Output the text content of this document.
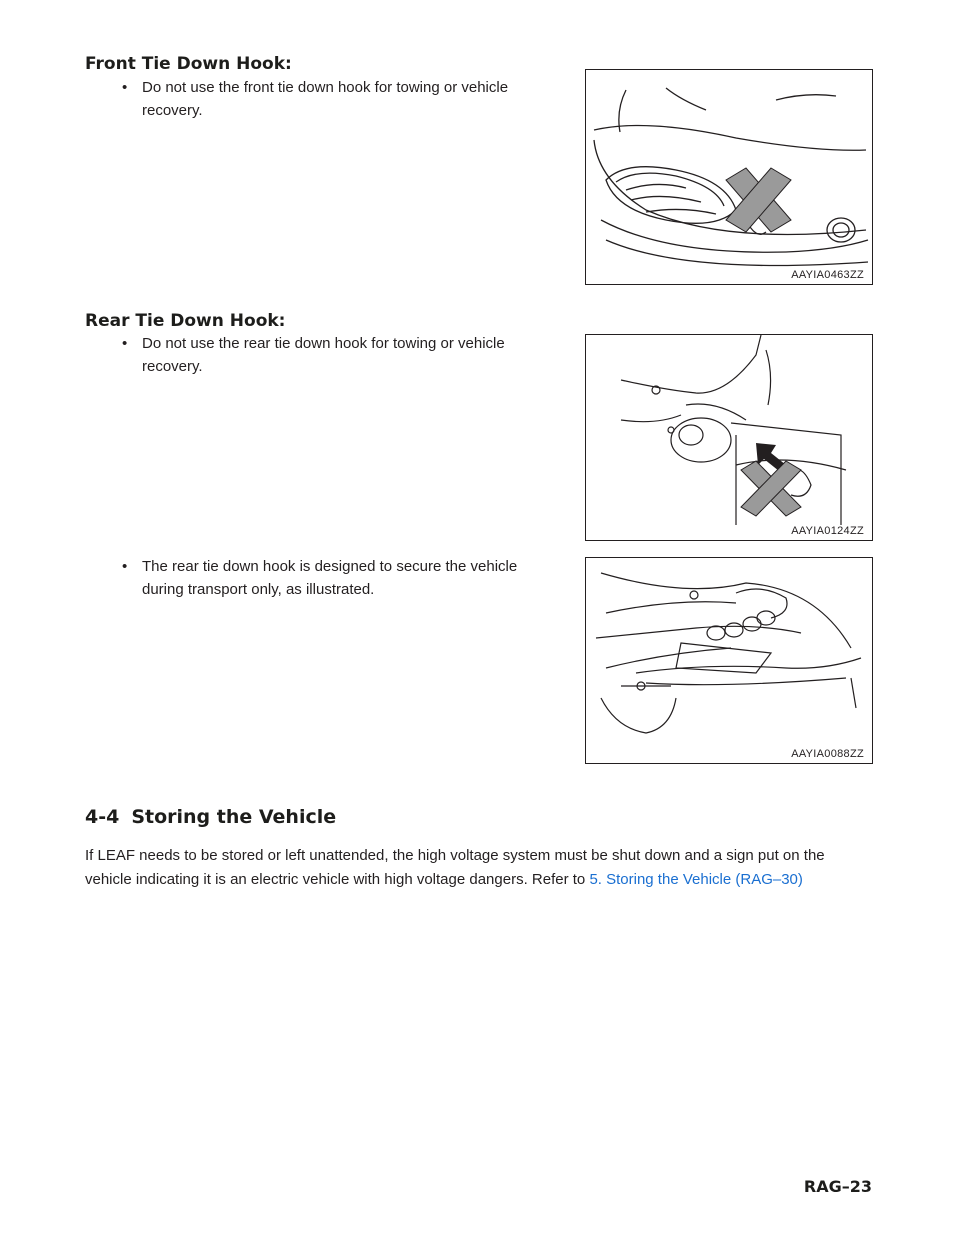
Front Tie Down Hook:
• Do not use the front tie down hook for towing or vehicle recovery.
AAYIA0463ZZ
Rear Tie Down Hook:
• Do not use the rear tie down hook for towing or vehicle recovery.
AAYIA0124ZZ
• The rear tie down hook is designed to secure the vehicle during transport only, as illustrated.
AAYIA0088ZZ
4-4 Storing the Vehicle

If LEAF needs to be stored or left unattended, the high voltage system must be shut down and a sign put on the vehicle indicating it is an electric vehicle with high voltage dangers. Refer to 5. Storing the Vehicle (RAG–30)

RAG–23
